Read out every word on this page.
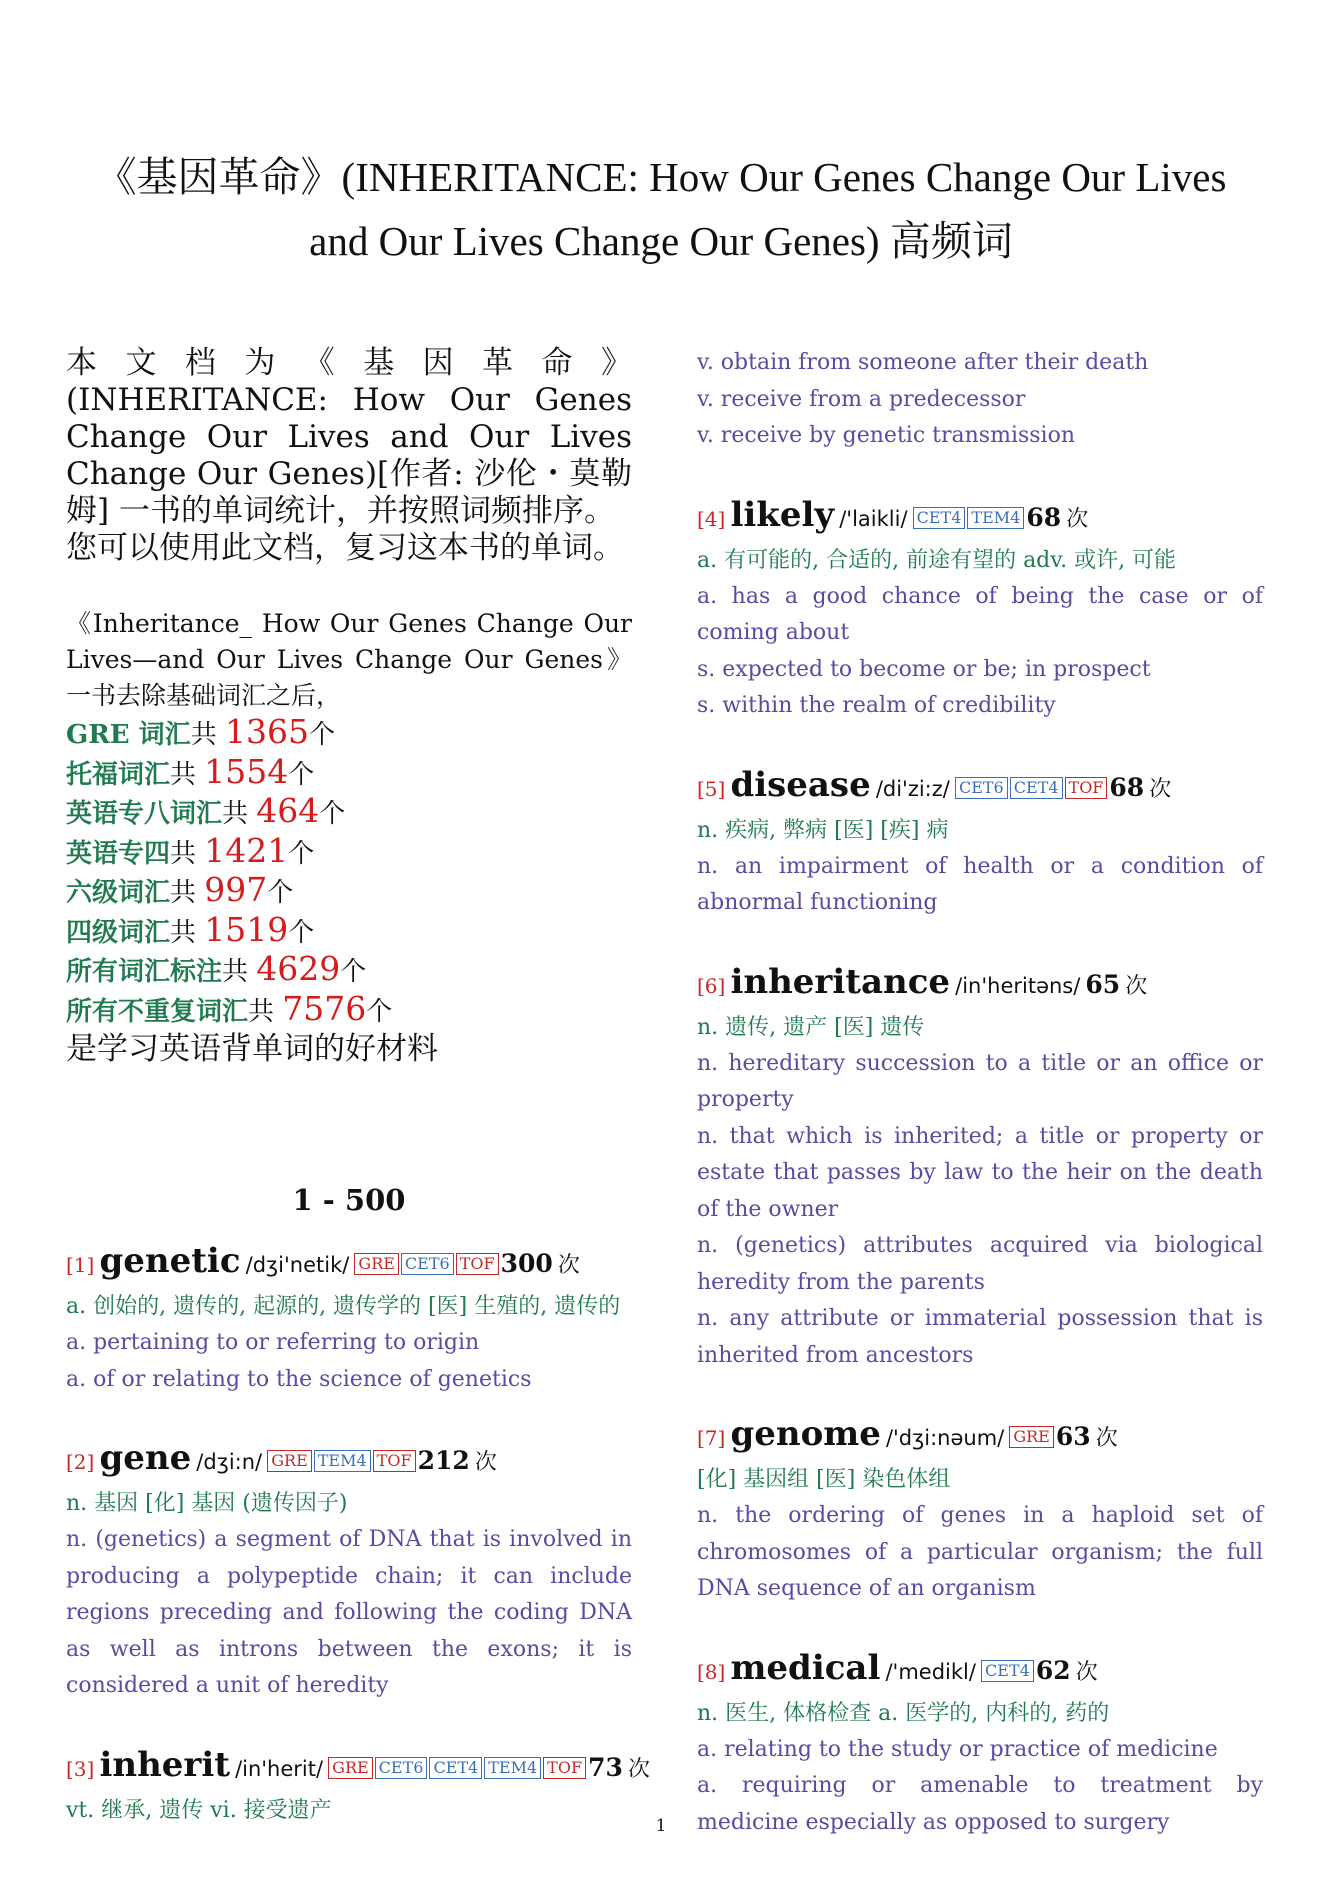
《基因革命》(INHERITANCE: How Our Genes Change Our Lives
and Our Lives Change Our Genes) 高频词

本文档为《基因革命》(INHERITANCE: How Our Genes Change Our Lives and Our Lives Change Our Genes)[作者: 沙伦・莫勒姆] 一书的单词统计，并按照词频排序。

您可以使用此文档，复习这本书的单词。

《Inheritance_ How Our Genes Change Our Lives—and Our Lives Change Our Genes》一书去除基础词汇之后，
GRE 词汇共 1365个
托福词汇共 1554个
英语专八词汇共 464个
英语专四共 1421个
六级词汇共 997个
四级词汇共 1519个
所有词汇标注共 4629个
所有不重复词汇共 7576个
是学习英语背单词的好材料
1 - 500
[1] genetic /dʒi'netik/ GRE CET6 TOF 300 次
a. 创始的, 遗传的, 起源的, 遗传学的 [医] 生殖的, 遗传的
a. pertaining to or referring to origin
a. of or relating to the science of genetics
[2] gene /dʒi:n/ GRE TEM4 TOF 212 次
n. 基因 [化] 基因 (遗传因子)
n. (genetics) a segment of DNA that is involved in producing a polypeptide chain; it can include regions preceding and following the coding DNA as well as introns between the exons; it is considered a unit of heredity
[3] inherit /in'herit/ GRE CET6 CET4 TEM4 TOF 73 次
vt. 继承, 遗传 vi. 接受遗产
v. obtain from someone after their death
v. receive from a predecessor
v. receive by genetic transmission
[4] likely /'laikli/ CET4 TEM4 68 次
a. 有可能的, 合适的, 前途有望的 adv. 或许, 可能
a. has a good chance of being the case or of coming about
s. expected to become or be; in prospect
s. within the realm of credibility
[5] disease /di'zi:z/ CET6 CET4 TOF 68 次
n. 疾病, 弊病 [医] [疾] 病
n. an impairment of health or a condition of abnormal functioning
[6] inheritance /in'heritəns/ 65 次
n. 遗传, 遗产 [医] 遗传
n. hereditary succession to a title or an office or property
n. that which is inherited; a title or property or estate that passes by law to the heir on the death of the owner
n. (genetics) attributes acquired via biological heredity from the parents
n. any attribute or immaterial possession that is inherited from ancestors
[7] genome /'dʒi:nəum/ GRE 63 次
[化] 基因组 [医] 染色体组
n. the ordering of genes in a haploid set of chromosomes of a particular organism; the full DNA sequence of an organism
[8] medical /'medikl/ CET4 62 次
n. 医生, 体格检查 a. 医学的, 内科的, 药的
a. relating to the study or practice of medicine
a. requiring or amenable to treatment by medicine especially as opposed to surgery
1
